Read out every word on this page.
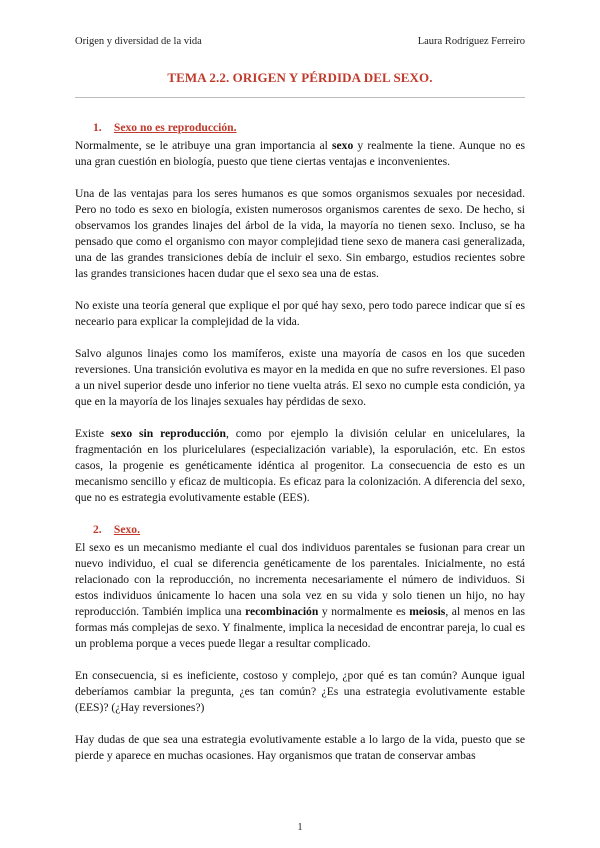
Origen y diversidad de la vida	Laura Rodríguez Ferreiro
TEMA 2.2. ORIGEN Y PÉRDIDA DEL SEXO.
1. Sexo no es reproducción.

Normalmente, se le atribuye una gran importancia al sexo y realmente la tiene. Aunque no es una gran cuestión en biología, puesto que tiene ciertas ventajas e inconvenientes.

Una de las ventajas para los seres humanos es que somos organismos sexuales por necesidad. Pero no todo es sexo en biología, existen numerosos organismos carentes de sexo. De hecho, si observamos los grandes linajes del árbol de la vida, la mayoría no tienen sexo. Incluso, se ha pensado que como el organismo con mayor complejidad tiene sexo de manera casi generalizada, una de las grandes transiciones debía de incluir el sexo. Sin embargo, estudios recientes sobre las grandes transiciones hacen dudar que el sexo sea una de estas.

No existe una teoría general que explique el por qué hay sexo, pero todo parece indicar que sí es neceario para explicar la complejidad de la vida.

Salvo algunos linajes como los mamíferos, existe una mayoría de casos en los que suceden reversiones. Una transición evolutiva es mayor en la medida en que no sufre reversiones. El paso a un nivel superior desde uno inferior no tiene vuelta atrás. El sexo no cumple esta condición, ya que en la mayoría de los linajes sexuales hay pérdidas de sexo.

Existe sexo sin reproducción, como por ejemplo la división celular en unicelulares, la fragmentación en los pluricelulares (especialización variable), la esporulación, etc. En estos casos, la progenie es genéticamente idéntica al progenitor. La consecuencia de esto es un mecanismo sencillo y eficaz de multicopia. Es eficaz para la colonización. A diferencia del sexo, que no es estrategia evolutivamente estable (EES).

2. Sexo.

El sexo es un mecanismo mediante el cual dos individuos parentales se fusionan para crear un nuevo individuo, el cual se diferencia genéticamente de los parentales. Inicialmente, no está relacionado con la reproducción, no incrementa necesariamente el número de individuos. Si estos individuos únicamente lo hacen una sola vez en su vida y solo tienen un hijo, no hay reproducción. También implica una recombinación y normalmente es meiosis, al menos en las formas más complejas de sexo. Y finalmente, implica la necesidad de encontrar pareja, lo cual es un problema porque a veces puede llegar a resultar complicado.

En consecuencia, si es ineficiente, costoso y complejo, ¿por qué es tan común? Aunque igual deberíamos cambiar la pregunta, ¿es tan común? ¿Es una estrategia evolutivamente estable (EES)? (¿Hay reversiones?)

Hay dudas de que sea una estrategia evolutivamente estable a lo largo de la vida, puesto que se pierde y aparece en muchas ocasiones. Hay organismos que tratan de conservar ambas

1
